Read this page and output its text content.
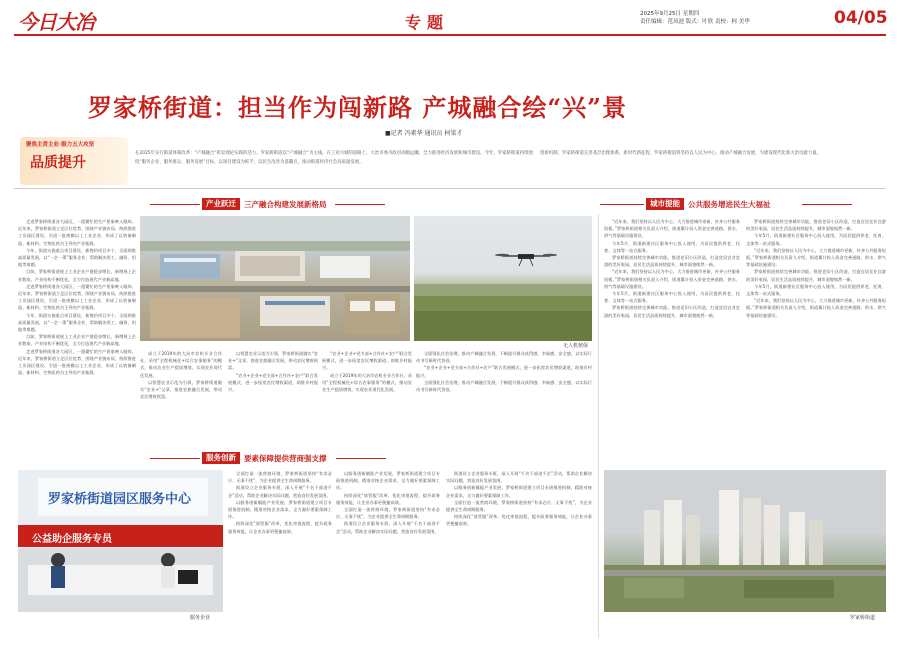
今日大冶	专题	2025年9月25日 星期四
责任编辑：范凤池 版式：叶欣 责校：柯 美华	04/05
聚焦主责主业·服力五大攻坚
品质提升
罗家桥街道：担当作为闯新路 产城融合绘“兴”景
■记者 冯素华 通讯员 柯梁才
在2025年实行街道体制改革：“产城融合”彰显理论实践的活力。罗家桥街道以“产城融合”为主线，在工业兴城的道路上，大冶市委市政府高瞻远瞩，全力推进经济发展和城市建设。今年，罗家桥街道持续围绕“服务企业、服务群众、服务发展”目标，以项目建设为抓手，以民生改善为落脚点，推动街道经济社会高质量发展。
创新机制，罗家桥街道完善基层治理体系，新时代新征程，罗家桥街道将坚持以人民为中心，推动产城融合发展，为建设现代化新大冶贡献力量。
产业跃迁	三产融合构建发展新格局	城市提能	公共服务增进民生大福祉

走进罗家桥街道各大园区，一派繁忙的生产景象映入眼帘。近年来，罗家桥街道立足区位优势，围绕产业链布局，持续推进工业园区建设，引进一批规模以上工业企业，形成了以装备制造、新材料、生物医药为主导的产业集群。

今年，街道实施重点项目建设，新签约项目多个，全面助推高质量发展，以“一企一策”服务企业，帮助解决用工、融资、用地等难题。

目前，罗家桥街道规上工业企业产值稳步增长，新增规上企业数家，产业结构不断优化，全力打造现代产业新高地。

走进罗家桥街道各大园区，一派繁忙的生产景象映入眼帘。近年来，罗家桥街道立足区位优势，围绕产业链布局，持续推进工业园区建设，引进一批规模以上工业企业，形成了以装备制造、新材料、生物医药为主导的产业集群。

今年，街道实施重点项目建设，新签约项目多个，全面助推高质量发展，以“一企一策”服务企业，帮助解决用工、融资、用地等难题。

目前，罗家桥街道规上工业企业产值稳步增长，新增规上企业数家，产业结构不断优化，全力打造现代产业新高地。

走进罗家桥街道各大园区，一派繁忙的生产景象映入眼帘。近年来，罗家桥街道立足区位优势，围绕产业链布局，持续推进工业园区建设，引进一批规模以上工业企业，形成了以装备制造、新材料、生物医药为主导的产业集群。

无人机植保

成立于2019年的大冶市农机专业合作社，采用“全程机械化+综合农事服务”的模式，推动农业生产提质增效，实现农业现代化发展。

以智慧农业示范为引领，罗家桥街道做实“农业+”文章，推进农旅融合发展，带动农民增收致富。

以智慧农业示范为引领，罗家桥街道做实“农业+”文章，推进农旅融合发展，带动农民增收致富。

“农业+企业+党支部+合作社+农户”联合发展模式，进一步拓宽农民增收渠道，助推乡村振兴。

“农业+企业+党支部+合作社+农户”联合发展模式，进一步拓宽农民增收渠道，助推乡村振兴。

成立于2019年的大冶市农机专业合作社，采用“全程机械化+综合农事服务”的模式，推动农业生产提质增效，实现农业现代化发展。

全面强化社会治理，推动产城融合发展，不断提升群众获得感、幸福感、安全感，以实际行动书写新时代答卷。

“农业+企业+党支部+合作社+农户”联合发展模式，进一步拓宽农民增收渠道，助推乡村振兴。

全面强化社会治理，推动产城融合发展，不断提升群众获得感、幸福感、安全感，以实际行动书写新时代答卷。

“近年来，我们坚持以人民为中心，大力推进城市更新，补齐公共服务短板。”罗家桥街道相关负责人介绍，街道累计投入资金完善道路、供水、供气等基础设施建设。

今年5月，街道新建社区服务中心投入使用，为居民提供养老、托育、文体等一站式服务。

罗家桥街道持续完善城市功能，推进老旧小区改造，打造宜居宜业宜游的美好家园，居民生活品质持续提升，城市面貌焕然一新。

“近年来，我们坚持以人民为中心，大力推进城市更新，补齐公共服务短板。”罗家桥街道相关负责人介绍，街道累计投入资金完善道路、供水、供气等基础设施建设。

今年5月，街道新建社区服务中心投入使用，为居民提供养老、托育、文体等一站式服务。

罗家桥街道持续完善城市功能，推进老旧小区改造，打造宜居宜业宜游的美好家园，居民生活品质持续提升，城市面貌焕然一新。

罗家桥街道持续完善城市功能，推进老旧小区改造，打造宜居宜业宜游的美好家园，居民生活品质持续提升，城市面貌焕然一新。

今年5月，街道新建社区服务中心投入使用，为居民提供养老、托育、文体等一站式服务。

“近年来，我们坚持以人民为中心，大力推进城市更新，补齐公共服务短板。”罗家桥街道相关负责人介绍，街道累计投入资金完善道路、供水、供气等基础设施建设。

罗家桥街道持续完善城市功能，推进老旧小区改造，打造宜居宜业宜游的美好家园，居民生活品质持续提升，城市面貌焕然一新。

今年5月，街道新建社区服务中心投入使用，为居民提供养老、托育、文体等一站式服务。

“近年来，我们坚持以人民为中心，大力推进城市更新，补齐公共服务短板。”罗家桥街道相关负责人介绍，街道累计投入资金完善道路、供水、供气等基础设施建设。

服务创新	要素保障提供营商强支撑
罗家桥街道园区服务中心
公益助企服务专员
服务企业

全面打造一流营商环境，罗家桥街道坚持“有求必应、无事不扰”，为企业提供全生命周期服务。

街道设立企业服务专班，深入开展“千名干部进千企”活动，帮助企业解决实际问题，营造良好发展氛围。

以服务创新赋能产业发展，罗家桥街道建立项目专班推进机制，精准对接企业需求，全力做好要素保障工作。

持续深化“放管服”改革，优化审批流程，提升政务服务效能，让企业办事更便捷高效。

以服务创新赋能产业发展，罗家桥街道建立项目专班推进机制，精准对接企业需求，全力做好要素保障工作。

持续深化“放管服”改革，优化审批流程，提升政务服务效能，让企业办事更便捷高效。

全面打造一流营商环境，罗家桥街道坚持“有求必应、无事不扰”，为企业提供全生命周期服务。

街道设立企业服务专班，深入开展“千名干部进千企”活动，帮助企业解决实际问题，营造良好发展氛围。

街道设立企业服务专班，深入开展“千名干部进千企”活动，帮助企业解决实际问题，营造良好发展氛围。

以服务创新赋能产业发展，罗家桥街道建立项目专班推进机制，精准对接企业需求，全力做好要素保障工作。

全面打造一流营商环境，罗家桥街道坚持“有求必应、无事不扰”，为企业提供全生命周期服务。

持续深化“放管服”改革，优化审批流程，提升政务服务效能，让企业办事更便捷高效。

罗家桥街道
